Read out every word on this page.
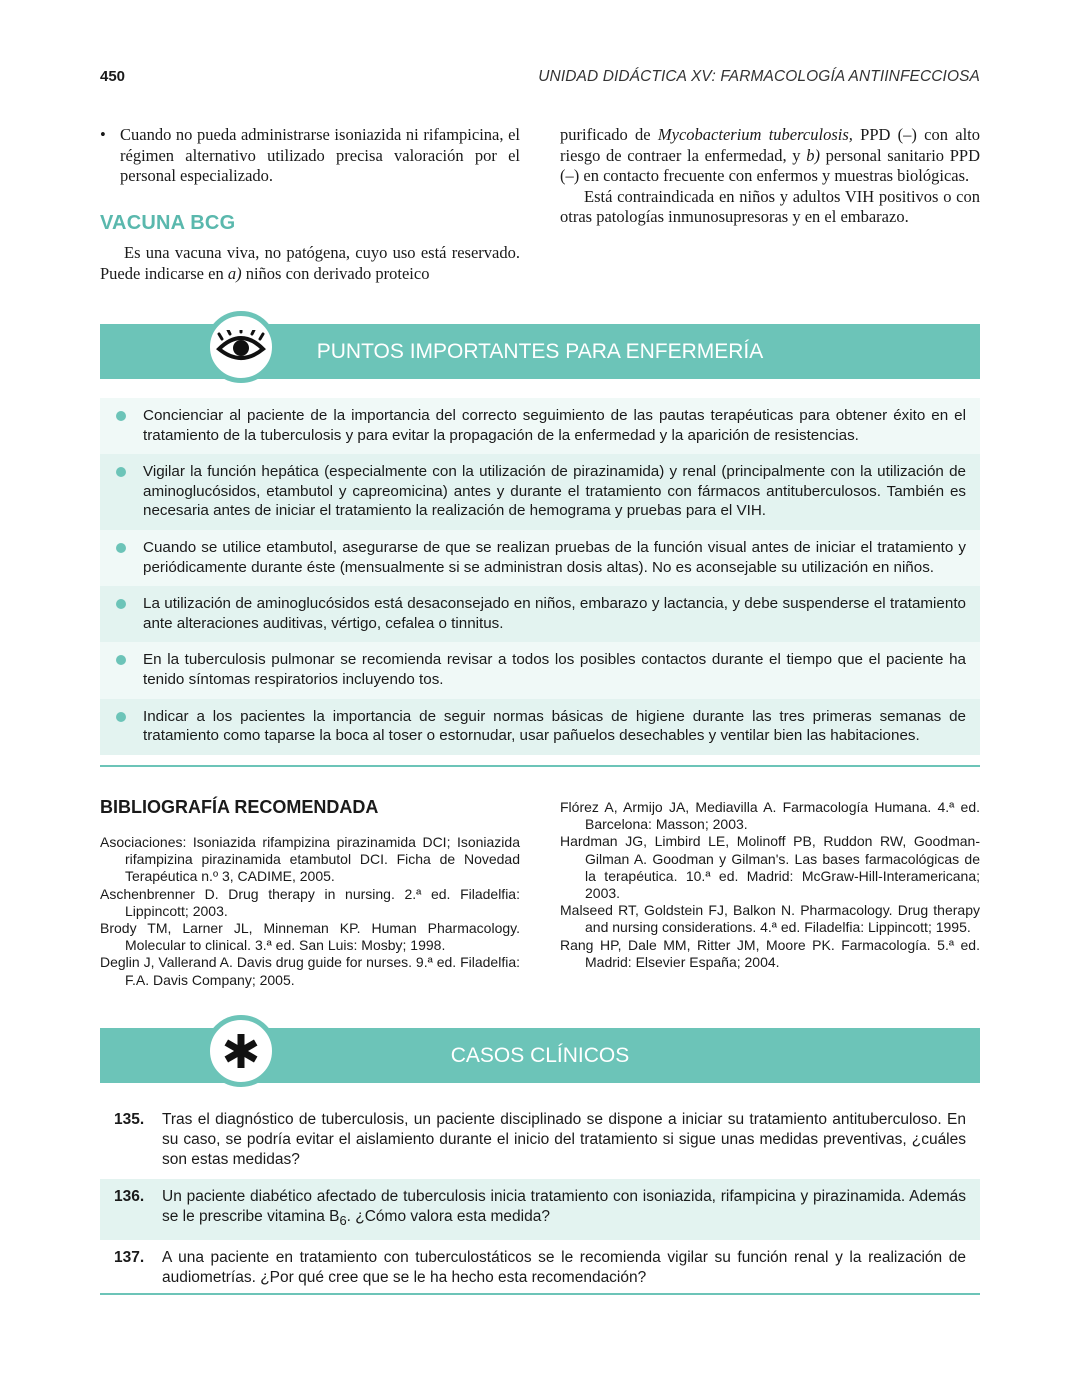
450	UNIDAD DIDÁCTICA XV: FARMACOLOGÍA ANTIINFECCIOSA
• Cuando no pueda administrarse isoniazida ni rifampicina, el régimen alternativo utilizado precisa valoración por el personal especializado.
VACUNA BCG

Es una vacuna viva, no patógena, cuyo uso está reservado. Puede indicarse en a) niños con derivado proteico

purificado de Mycobacterium tuberculosis, PPD (–) con alto riesgo de contraer la enfermedad, y b) personal sanitario PPD (–) en contacto frecuente con enfermos y muestras biológicas.

Está contraindicada en niños y adultos VIH positivos o con otras patologías inmunosupresoras y en el embarazo.

PUNTOS IMPORTANTES PARA ENFERMERÍA
Concienciar al paciente de la importancia del correcto seguimiento de las pautas terapéuticas para obtener éxito en el tratamiento de la tuberculosis y para evitar la propagación de la enfermedad y la aparición de resistencias.
Vigilar la función hepática (especialmente con la utilización de pirazinamida) y renal (principalmente con la utilización de aminoglucósidos, etambutol y capreomicina) antes y durante el tratamiento con fármacos antituberculosos. También es necesaria antes de iniciar el tratamiento la realización de hemograma y pruebas para el VIH.
Cuando se utilice etambutol, asegurarse de que se realizan pruebas de la función visual antes de iniciar el tratamiento y periódicamente durante éste (mensualmente si se administran dosis altas). No es aconsejable su utilización en niños.
La utilización de aminoglucósidos está desaconsejado en niños, embarazo y lactancia, y debe suspenderse el tratamiento ante alteraciones auditivas, vértigo, cefalea o tinnitus.
En la tuberculosis pulmonar se recomienda revisar a todos los posibles contactos durante el tiempo que el paciente ha tenido síntomas respiratorios incluyendo tos.
Indicar a los pacientes la importancia de seguir normas básicas de higiene durante las tres primeras semanas de tratamiento como taparse la boca al toser o estornudar, usar pañuelos desechables y ventilar bien las habitaciones.
BIBLIOGRAFÍA RECOMENDADA
Asociaciones: Isoniazida rifampizina pirazinamida DCI; Isoniazida rifampizina pirazinamida etambutol DCI. Ficha de Novedad Terapéutica n.º 3, CADIME, 2005.
Aschenbrenner D. Drug therapy in nursing. 2.ª ed. Filadelfia: Lippincott; 2003.
Brody TM, Larner JL, Minneman KP. Human Pharmacology. Molecular to clinical. 3.ª ed. San Luis: Mosby; 1998.
Deglin J, Vallerand A. Davis drug guide for nurses. 9.ª ed. Filadelfia: F.A. Davis Company; 2005.
Flórez A, Armijo JA, Mediavilla A. Farmacología Humana. 4.ª ed. Barcelona: Masson; 2003.
Hardman JG, Limbird LE, Molinoff PB, Ruddon RW, Goodman-Gilman A. Goodman y Gilman's. Las bases farmacológicas de la terapéutica. 10.ª ed. Madrid: McGraw-Hill-Interamericana; 2003.
Malseed RT, Goldstein FJ, Balkon N. Pharmacology. Drug therapy and nursing considerations. 4.ª ed. Filadelfia: Lippincott; 1995.
Rang HP, Dale MM, Ritter JM, Moore PK. Farmacología. 5.ª ed. Madrid: Elsevier España; 2004.
CASOS CLÍNICOS
135.	Tras el diagnóstico de tuberculosis, un paciente disciplinado se dispone a iniciar su tratamiento antituberculoso. En su caso, se podría evitar el aislamiento durante el inicio del tratamiento si sigue unas medidas preventivas, ¿cuáles son estas medidas?
136.	Un paciente diabético afectado de tuberculosis inicia tratamiento con isoniazida, rifampicina y pirazinamida. Además se le prescribe vitamina $B_6$. ¿Cómo valora esta medida?
137.	A una paciente en tratamiento con tuberculostáticos se le recomienda vigilar su función renal y la realización de audiometrías. ¿Por qué cree que se le ha hecho esta recomendación?
